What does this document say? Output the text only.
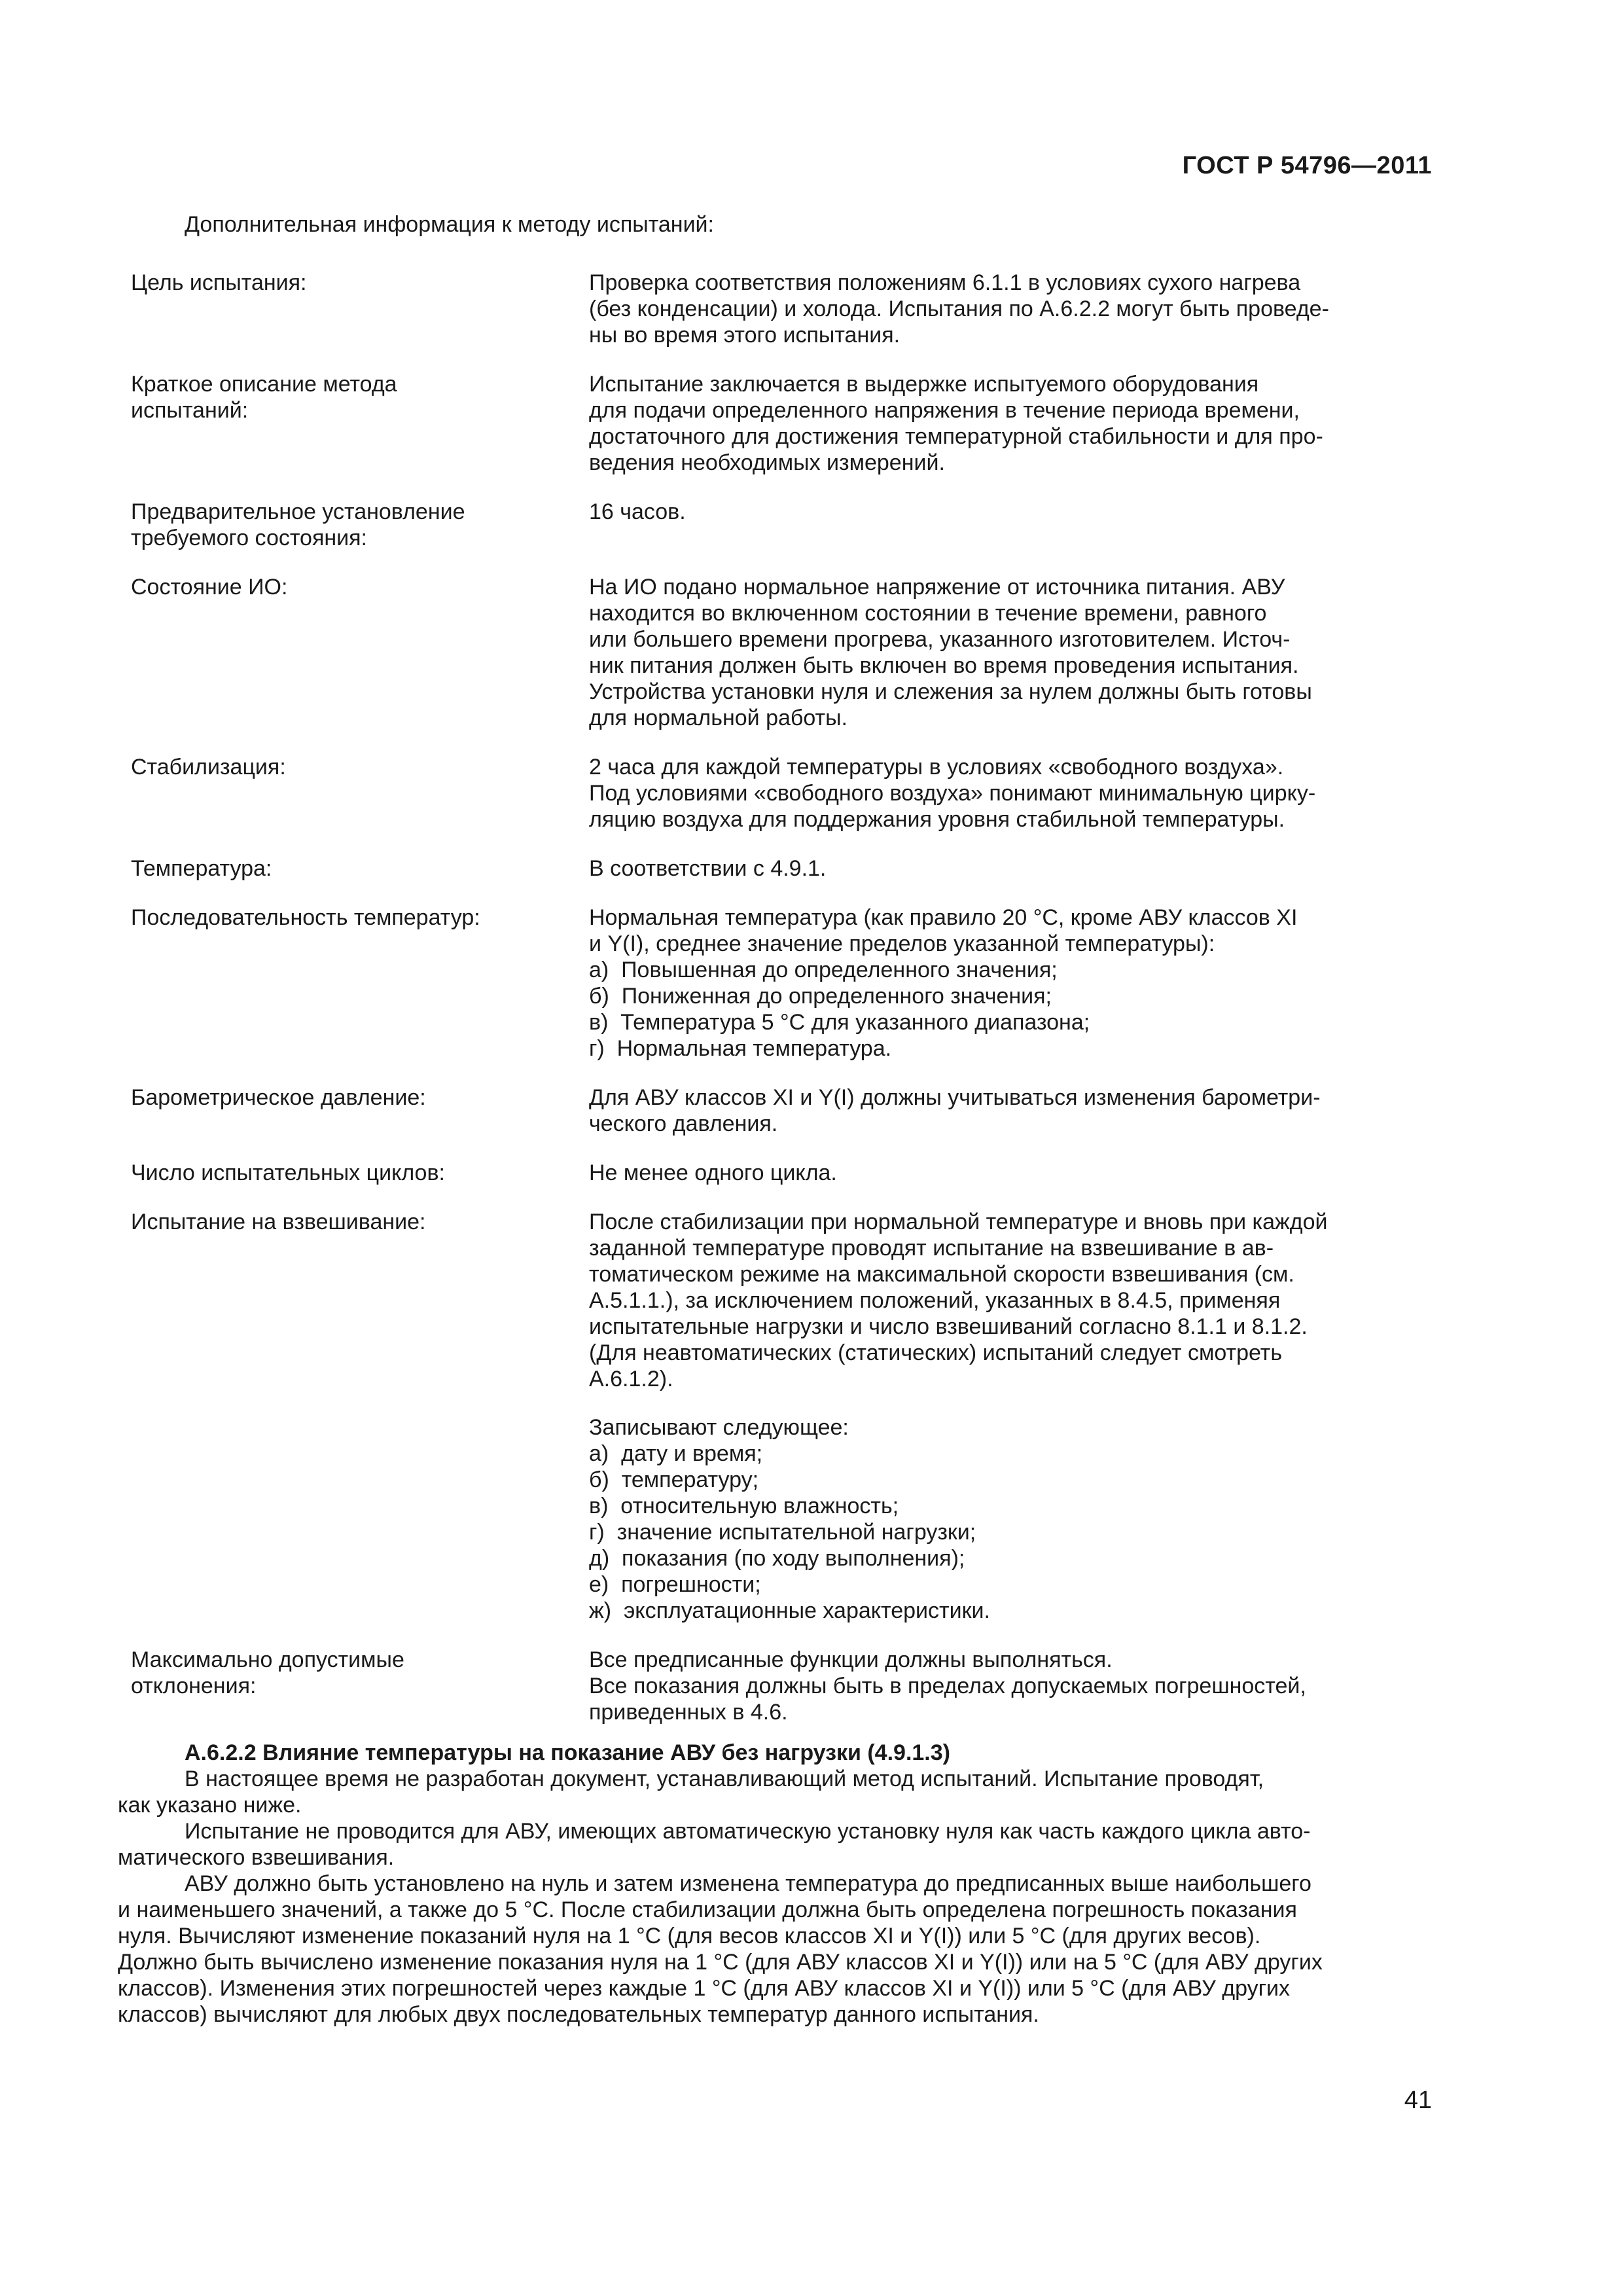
ГОСТ Р 54796—2011
Дополнительная информация к методу испытаний:
Цель испытания:	Проверка соответствия положениям 6.1.1 в условиях сухого нагрева
(без конденсации) и холода. Испытания по А.6.2.2 могут быть проведе-
ны во время этого испытания.
Краткое описание метода
испытаний:
Испытание заключается в выдержке испытуемого оборудования
для подачи определенного напряжения в течение периода времени,
достаточного для достижения температурной стабильности и для про-
ведения необходимых измерений.
Предварительное установление
требуемого состояния:
16 часов.
Состояние ИО:	На ИО подано нормальное напряжение от источника питания. АВУ
находится во включенном состоянии в течение времени, равного
или большего времени прогрева, указанного изготовителем. Источ-
ник питания должен быть включен во время проведения испытания.
Устройства установки нуля и слежения за нулем должны быть готовы
для нормальной работы.
Стабилизация:	2 часа для каждой температуры в условиях «свободного воздуха».
Под условиями «свободного воздуха» понимают минимальную цирку-
ляцию воздуха для поддержания уровня стабильной температуры.
Температура:	В соответствии с 4.9.1.
Последовательность температур:	Нормальная температура (как правило 20 °С, кроме АВУ классов XI
и Y(I), среднее значение пределов указанной температуры):
а)  Повышенная до определенного значения;
б)  Пониженная до определенного значения;
в)  Температура 5 °С для указанного диапазона;
г)  Нормальная температура.
Барометрическое давление:	Для АВУ классов XI и Y(I) должны учитываться изменения барометри-
ческого давления.
Число испытательных циклов:	Не менее одного цикла.
Испытание на взвешивание:	После стабилизации при нормальной температуре и вновь при каждой
заданной температуре проводят испытание на взвешивание в ав-
томатическом режиме на максимальной скорости взвешивания (см.
А.5.1.1.), за исключением положений, указанных в 8.4.5, применяя
испытательные нагрузки и число взвешиваний согласно 8.1.1 и 8.1.2.
(Для неавтоматических (статических) испытаний следует смотреть
А.6.1.2).
Записывают следующее:
а)  дату и время;
б)  температуру;
в)  относительную влажность;
г)  значение испытательной нагрузки;
д)  показания (по ходу выполнения);
е)  погрешности;
ж)  эксплуатационные характеристики.
Максимально допустимые
отклонения:
Все предписанные функции должны выполняться.
Все показания должны быть в пределах допускаемых погрешностей,
приведенных в 4.6.
А.6.2.2 Влияние температуры на показание АВУ без нагрузки (4.9.1.3)
В настоящее время не разработан документ, устанавливающий метод испытаний. Испытание проводят,
как указано ниже.
Испытание не проводится для АВУ, имеющих автоматическую установку нуля как часть каждого цикла авто-
матического взвешивания.
АВУ должно быть установлено на нуль и затем изменена температура до предписанных выше наибольшего
и наименьшего значений, а также до 5 °С. После стабилизации должна быть определена погрешность показания
нуля. Вычисляют изменение показаний нуля на 1 °С (для весов классов XI и Y(I)) или 5 °С (для других весов).
Должно быть вычислено изменение показания нуля на 1 °С (для АВУ классов XI и Y(I)) или на 5 °С (для АВУ других
классов). Изменения этих погрешностей через каждые 1 °С (для АВУ классов XI и Y(I)) или 5 °С (для АВУ других
классов) вычисляют для любых двух последовательных температур данного испытания.
41
